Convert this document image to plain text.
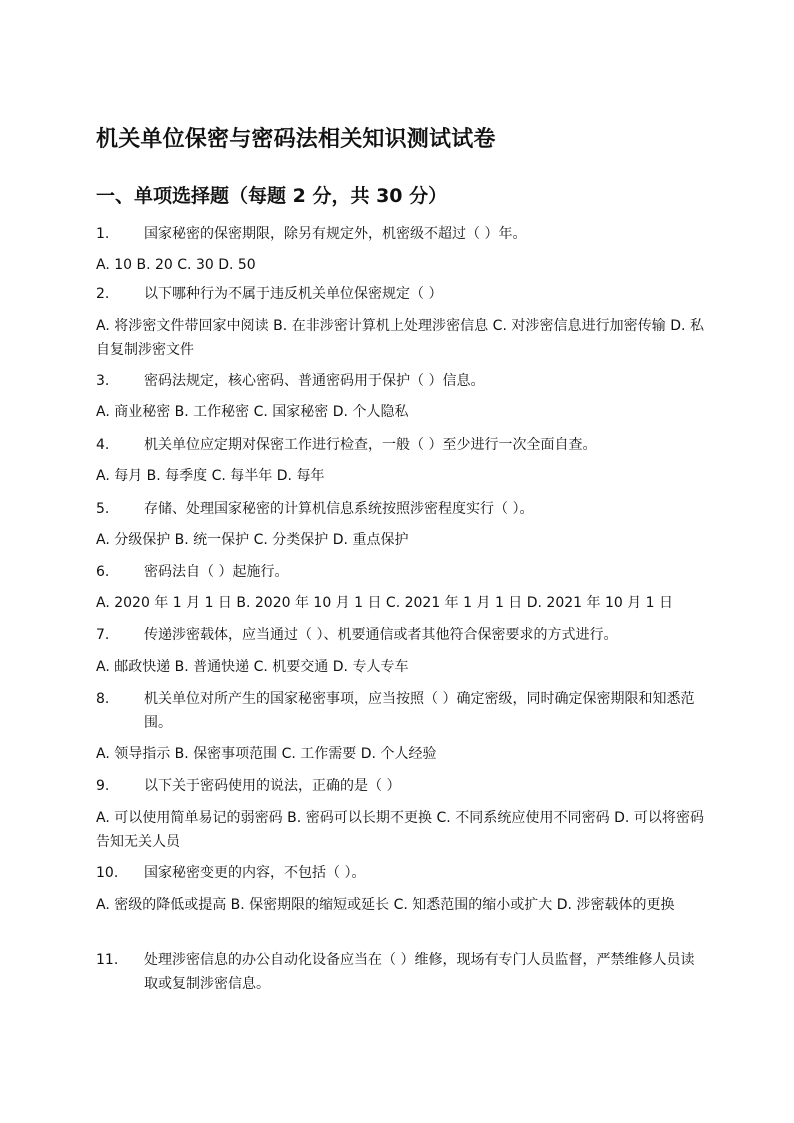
机关单位保密与密码法相关知识测试试卷
一、单项选择题（每题 2 分，共 30 分）
1. 国家秘密的保密期限，除另有规定外，机密级不超过（ ）年。
A. 10 B. 20 C. 30 D. 50
2. 以下哪种行为不属于违反机关单位保密规定（ ）
A. 将涉密文件带回家中阅读 B. 在非涉密计算机上处理涉密信息 C. 对涉密信息进行加密传输 D. 私自复制涉密文件
3. 密码法规定，核心密码、普通密码用于保护（ ）信息。
A. 商业秘密 B. 工作秘密 C. 国家秘密 D. 个人隐私
4. 机关单位应定期对保密工作进行检查，一般（ ）至少进行一次全面自查。
A. 每月 B. 每季度 C. 每半年 D. 每年
5. 存储、处理国家秘密的计算机信息系统按照涉密程度实行（ ）。
A. 分级保护 B. 统一保护 C. 分类保护 D. 重点保护
6. 密码法自（ ）起施行。
A. 2020 年 1 月 1 日 B. 2020 年 10 月 1 日 C. 2021 年 1 月 1 日 D. 2021 年 10 月 1 日
7. 传递涉密载体，应当通过（ ）、机要通信或者其他符合保密要求的方式进行。
A. 邮政快递 B. 普通快递 C. 机要交通 D. 专人专车
8. 机关单位对所产生的国家秘密事项，应当按照（ ）确定密级，同时确定保密期限和知悉范围。
A. 领导指示 B. 保密事项范围 C. 工作需要 D. 个人经验
9. 以下关于密码使用的说法，正确的是（ ）
A. 可以使用简单易记的弱密码 B. 密码可以长期不更换 C. 不同系统应使用不同密码 D. 可以将密码告知无关人员
10. 国家秘密变更的内容，不包括（ ）。
A. 密级的降低或提高 B. 保密期限的缩短或延长 C. 知悉范围的缩小或扩大 D. 涉密载体的更换
11. 处理涉密信息的办公自动化设备应当在（ ）维修，现场有专门人员监督，严禁维修人员读取或复制涉密信息。
